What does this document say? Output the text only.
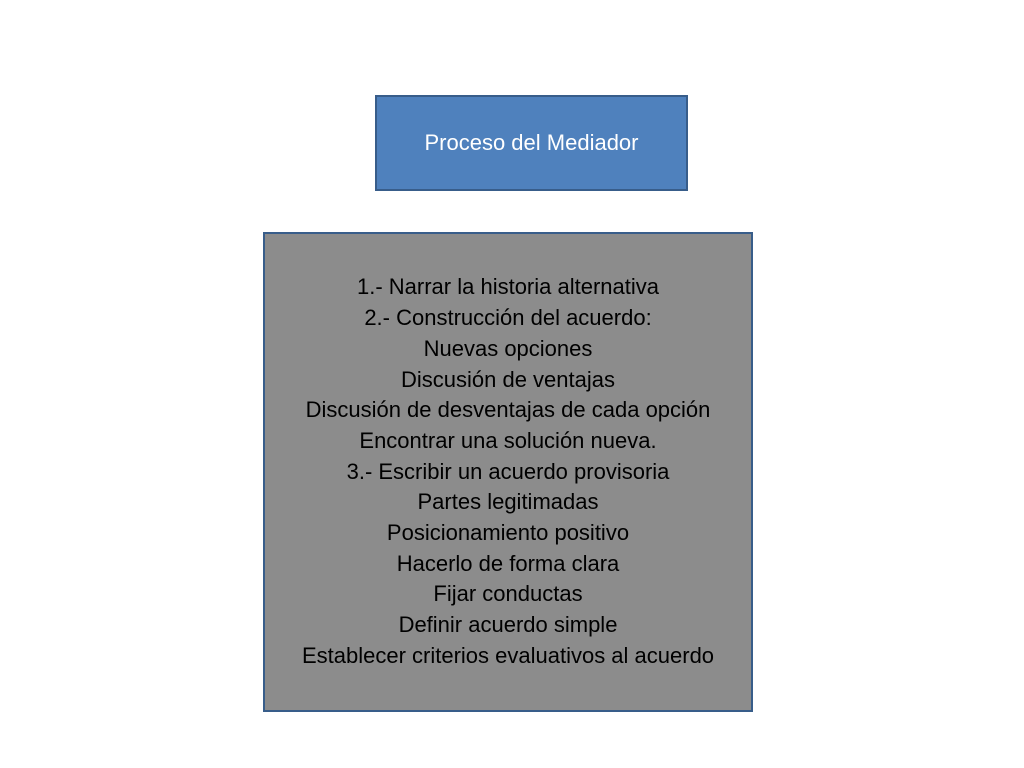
Proceso del Mediador
1.- Narrar la historia alternativa
2.- Construcción del acuerdo:
Nuevas opciones
Discusión de ventajas
Discusión de desventajas de cada opción
Encontrar una solución nueva.
3.- Escribir un acuerdo provisoria
Partes legitimadas
Posicionamiento positivo
Hacerlo de forma clara
Fijar conductas
Definir acuerdo simple
Establecer criterios evaluativos al acuerdo
